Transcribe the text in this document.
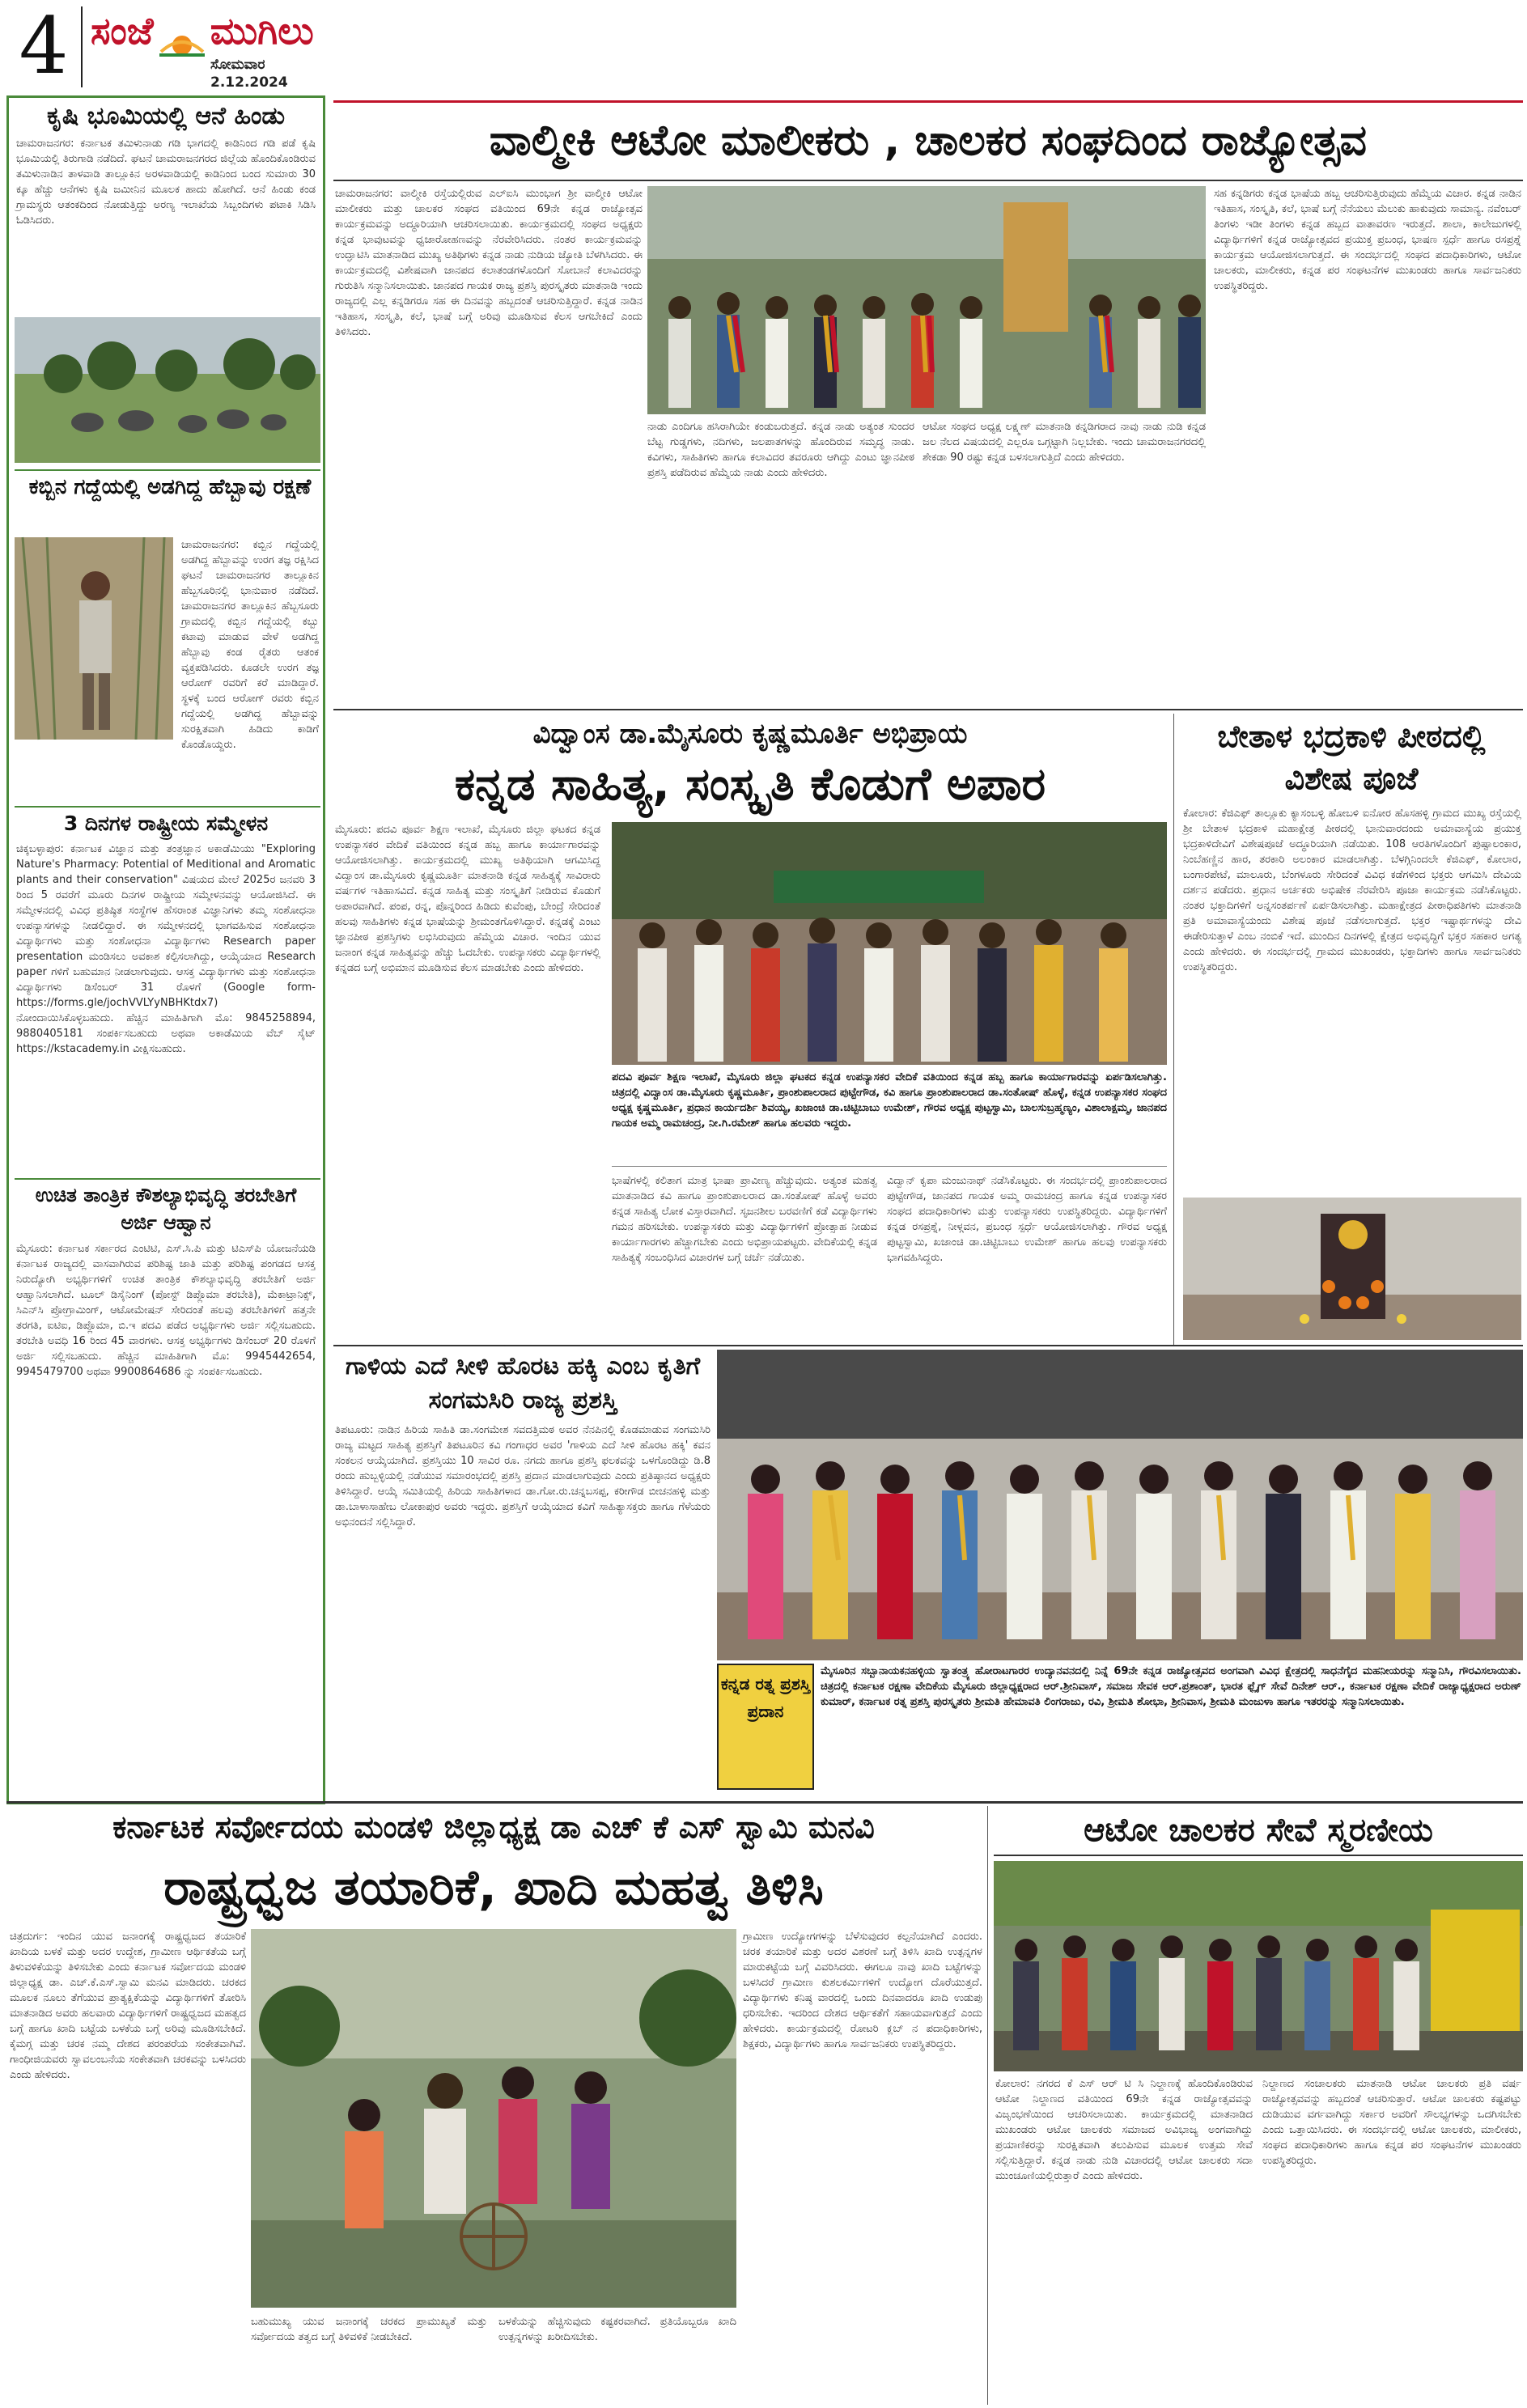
4 ಸಂಜೆ ಮುಗಿಲು
ಸೋಮವಾರ
2.12.2024
ಕೃಷಿ ಭೂಮಿಯಲ್ಲಿ ಆನೆ ಹಿಂಡು
ಚಾಮರಾಜನಗರ: ಕರ್ನಾಟಕ ತಮಿಳುನಾಡು ಗಡಿ ಭಾಗದಲ್ಲಿ ಕಾಡಿನಿಂದ ಗಡಿ ಪಡೆ ಕೃಷಿ ಭೂಮಿಯಲ್ಲಿ ತಿರುಗಾಡಿ ನಡೆದಿದೆ. ಘಟನೆ ಚಾಮರಾಜನಗರದ ಜಿಲ್ಲೆಯ ಹೊಂದಿಕೊಂಡಿರುವ ತಮಿಳುನಾಡಿನ ತಾಳವಾಡಿ ತಾಲ್ಲೂಕಿನ ಅರಳವಾಡಿಯಲ್ಲಿ ಕಾಡಿನಿಂದ ಬಂದ ಸುಮಾರು 30 ಕ್ಕೂ ಹೆಚ್ಚು ಆನೆಗಳು ಕೃಷಿ ಜಮೀನಿನ ಮೂಲಕ ಹಾದು ಹೋಗಿದೆ. ಆನೆ ಹಿಂಡು ಕಂಡ ಗ್ರಾಮಸ್ಥರು ಆತಂಕದಿಂದ ನೋಡುತ್ತಿದ್ದು ಅರಣ್ಯ ಇಲಾಖೆಯ ಸಿಬ್ಬಂದಿಗಳು ಪಟಾಕಿ ಸಿಡಿಸಿ ಓಡಿಸಿದರು.
ಕಬ್ಬಿನ ಗದ್ದೆಯಲ್ಲಿ ಅಡಗಿದ್ದ ಹೆಬ್ಬಾವು ರಕ್ಷಣೆ
ಚಾಮರಾಜನಗರ: ಕಬ್ಬಿನ ಗದ್ದೆಯಲ್ಲಿ ಅಡಗಿದ್ದ ಹೆಬ್ಬಾವನ್ನು ಉರಗ ತಜ್ಞ ರಕ್ಷಿಸಿದ ಘಟನೆ ಚಾಮರಾಜನಗರ ತಾಲ್ಲೂಕಿನ ಹೆಬ್ಬಸೂರಿನಲ್ಲಿ ಭಾನುವಾರ ನಡೆದಿದೆ. ಚಾಮರಾಜನಗರ ತಾಲ್ಲೂಕಿನ ಹೆಬ್ಬಸೂರು ಗ್ರಾಮದಲ್ಲಿ ಕಬ್ಬಿನ ಗದ್ದೆಯಲ್ಲಿ ಕಬ್ಬು ಕಟಾವು ಮಾಡುವ ವೇಳೆ ಅಡಗಿದ್ದ ಹೆಬ್ಬಾವು ಕಂಡ ರೈತರು ಆತಂಕ ವ್ಯಕ್ತಪಡಿಸಿದರು. ಕೂಡಲೇ ಉರಗ ತಜ್ಞ ಆರೋಗ್ ರವರಿಗೆ ಕರೆ ಮಾಡಿದ್ದಾರೆ. ಸ್ಥಳಕ್ಕೆ ಬಂದ ಆರೋಗ್ ರವರು ಕಬ್ಬಿನ ಗದ್ದೆಯಲ್ಲಿ ಅಡಗಿದ್ದ ಹೆಬ್ಬಾವನ್ನು ಸುರಕ್ಷಿತವಾಗಿ ಹಿಡಿದು ಕಾಡಿಗೆ ಕೊಂಡೊಯ್ದರು.
3 ದಿನಗಳ ರಾಷ್ಟ್ರೀಯ ಸಮ್ಮೇಳನ
ಚಿಕ್ಕಬಳ್ಳಾಪುರ: ಕರ್ನಾಟಕ ವಿಜ್ಞಾನ ಮತ್ತು ತಂತ್ರಜ್ಞಾನ ಅಕಾಡೆಮಿಯು "Exploring Nature's Pharmacy: Potential of Meditional and Aromatic plants and their conservation" ವಿಷಯದ ಮೇಲೆ 2025ರ ಜನವರಿ 3 ರಿಂದ 5 ರವರೆಗೆ ಮೂರು ದಿನಗಳ ರಾಷ್ಟ್ರೀಯ ಸಮ್ಮೇಳನವನ್ನು ಆಯೋಜಿಸಿದೆ. ಈ ಸಮ್ಮೇಳನದಲ್ಲಿ ವಿವಿಧ ಪ್ರತಿಷ್ಠಿತ ಸಂಸ್ಥೆಗಳ ಹೆಸರಾಂತ ವಿಜ್ಞಾನಿಗಳು ತಮ್ಮ ಸಂಶೋಧನಾ ಉಪನ್ಯಾಸಗಳನ್ನು ನೀಡಲಿದ್ದಾರೆ. ಈ ಸಮ್ಮೇಳನದಲ್ಲಿ ಭಾಗವಹಿಸುವ ಸಂಶೋಧನಾ ವಿದ್ಯಾರ್ಥಿಗಳು ಮತ್ತು ಸಂಶೋಧನಾ ವಿದ್ಯಾರ್ಥಿಗಳು Research paper presentation ಮಂಡಿಸಲು ಅವಕಾಶ ಕಲ್ಪಿಸಲಾಗಿದ್ದು, ಆಯ್ಕೆಯಾದ Research paper ಗಳಿಗೆ ಬಹುಮಾನ ನೀಡಲಾಗುವುದು. ಆಸಕ್ತ ವಿದ್ಯಾರ್ಥಿಗಳು ಮತ್ತು ಸಂಶೋಧನಾ ವಿದ್ಯಾರ್ಥಿಗಳು ಡಿಸೆಂಬರ್ 31 ರೊಳಗೆ (Google form-https://forms.gle/jochVVLYyNBHKtdx7) ನೋಂದಾಯಿಸಿಕೊಳ್ಳಬಹುದು. ಹೆಚ್ಚಿನ ಮಾಹಿತಿಗಾಗಿ ಮೊ: 9845258894, 9880405181 ಸಂಪರ್ಕಿಸಬಹುದು ಅಥವಾ ಅಕಾಡೆಮಿಯ ವೆಬ್ ಸೈಟ್ https://kstacademy.in ವೀಕ್ಷಿಸಬಹುದು.
ಉಚಿತ ತಾಂತ್ರಿಕ ಕೌಶಲ್ಯಾಭಿವೃದ್ಧಿ ತರಬೇತಿಗೆ ಅರ್ಜಿ ಆಹ್ವಾನ
ಮೈಸೂರು: ಕರ್ನಾಟಕ ಸರ್ಕಾರದ ಎಂಟಿಟಿ, ಎಸ್.ಸಿ.ಪಿ ಮತ್ತು ಟಿಎಸ್‌ಪಿ ಯೋಜನೆಯಡಿ ಕರ್ನಾಟಕ ರಾಜ್ಯದಲ್ಲಿ ವಾಸವಾಗಿರುವ ಪರಿಶಿಷ್ಟ ಜಾತಿ ಮತ್ತು ಪರಿಶಿಷ್ಟ ಪಂಗಡದ ಆಸಕ್ತ ನಿರುದ್ಯೋಗಿ ಅಭ್ಯರ್ಥಿಗಳಿಗೆ ಉಚಿತ ತಾಂತ್ರಿಕ ಕೌಶಲ್ಯಾಭಿವೃದ್ಧಿ ತರಬೇತಿಗೆ ಅರ್ಜಿ ಆಹ್ವಾನಿಸಲಾಗಿದೆ. ಟೂಲ್ ಡಿಸೈನಿಂಗ್ (ಪೋಸ್ಟ್ ಡಿಪ್ಲೊಮಾ ತರಬೇತಿ), ಮೆಕಾಟ್ರಾನಿಕ್ಸ್, ಸಿಎನ್‌ಸಿ ಪ್ರೋಗ್ರಾಮಿಂಗ್, ಆಟೋಮೇಷನ್ ಸೇರಿದಂತೆ ಹಲವು ತರಬೇತಿಗಳಿಗೆ ಹತ್ತನೇ ತರಗತಿ, ಐಟಿಐ, ಡಿಪ್ಲೊಮಾ, ಬಿ.ಇ ಪದವಿ ಪಡೆದ ಅಭ್ಯರ್ಥಿಗಳು ಅರ್ಜಿ ಸಲ್ಲಿಸಬಹುದು. ತರಬೇತಿ ಅವಧಿ 16 ರಿಂದ 45 ವಾರಗಳು. ಆಸಕ್ತ ಅಭ್ಯರ್ಥಿಗಳು ಡಿಸೆಂಬರ್ 20 ರೊಳಗೆ ಅರ್ಜಿ ಸಲ್ಲಿಸಬಹುದು. ಹೆಚ್ಚಿನ ಮಾಹಿತಿಗಾಗಿ ಮೊ: 9945442654, 9945479700 ಅಥವಾ 9900864686 ನ್ನು ಸಂಪರ್ಕಿಸಬಹುದು.
ವಾಲ್ಮೀಕಿ ಆಟೋ ಮಾಲೀಕರು , ಚಾಲಕರ ಸಂಘದಿಂದ ರಾಜ್ಯೋತ್ಸವ
ಚಾಮರಾಜನಗರ: ವಾಲ್ಮೀಕಿ ರಸ್ತೆಯಲ್ಲಿರುವ ಎಲ್‌ಐಸಿ ಮುಂಭಾಗ ಶ್ರೀ ವಾಲ್ಮೀಕಿ ಆಟೋ ಮಾಲೀಕರು ಮತ್ತು ಚಾಲಕರ ಸಂಘದ ವತಿಯಿಂದ 69ನೇ ಕನ್ನಡ ರಾಜ್ಯೋತ್ಸವ ಕಾರ್ಯಕ್ರಮವನ್ನು ಅದ್ಧೂರಿಯಾಗಿ ಆಚರಿಸಲಾಯಿತು. ಕಾರ್ಯಕ್ರಮದಲ್ಲಿ ಸಂಘದ ಅಧ್ಯಕ್ಷರು ಕನ್ನಡ ಭಾವುಟವನ್ನು ಧ್ವಜಾರೋಹಣವನ್ನು ನೆರವೇರಿಸಿದರು. ನಂತರ ಕಾರ್ಯಕ್ರಮವನ್ನು ಉದ್ಘಾಟಿಸಿ ಮಾತನಾಡಿದ ಮುಖ್ಯ ಅತಿಥಿಗಳು ಕನ್ನಡ ನಾಡು ನುಡಿಯ ಜ್ಯೋತಿ ಬೆಳಗಿಸಿದರು. ಈ ಕಾರ್ಯಕ್ರಮದಲ್ಲಿ ವಿಶೇಷವಾಗಿ ಜಾನಪದ ಕಲಾತಂಡಗಳೊಂದಿಗೆ ಸೋಬಾನೆ ಕಲಾವಿದರನ್ನು ಗುರುತಿಸಿ ಸನ್ಮಾನಿಸಲಾಯಿತು. ಜಾನಪದ ಗಾಯಕ ರಾಜ್ಯ ಪ್ರಶಸ್ತಿ ಪುರಸ್ಕೃತರು ಮಾತನಾಡಿ ಇಂದು ರಾಜ್ಯದಲ್ಲಿ ಎಲ್ಲ ಕನ್ನಡಿಗರೂ ಸಹ ಈ ದಿನವನ್ನು ಹಬ್ಬದಂತೆ ಆಚರಿಸುತ್ತಿದ್ದಾರೆ. ಕನ್ನಡ ನಾಡಿನ ಇತಿಹಾಸ, ಸಂಸ್ಕೃತಿ, ಕಲೆ, ಭಾಷೆ ಬಗ್ಗೆ ಅರಿವು ಮೂಡಿಸುವ ಕೆಲಸ ಆಗಬೇಕಿದೆ ಎಂದು ತಿಳಿಸಿದರು.
ನಾಡು ಎಂದಿಗೂ ಹಸಿರಾಗಿಯೇ ಕಂಡುಬರುತ್ತದೆ. ಕನ್ನಡ ನಾಡು ಅತ್ಯಂತ ಸುಂದರ ಬೆಟ್ಟ ಗುಡ್ಡಗಳು, ನದಿಗಳು, ಜಲಪಾತಗಳನ್ನು ಹೊಂದಿರುವ ಸಮೃದ್ಧ ನಾಡು. ಕವಿಗಳು, ಸಾಹಿತಿಗಳು ಹಾಗೂ ಕಲಾವಿದರ ತವರೂರು ಆಗಿದ್ದು ಎಂಟು ಜ್ಞಾನಪೀಠ ಪ್ರಶಸ್ತಿ ಪಡೆದಿರುವ ಹೆಮ್ಮೆಯ ನಾಡು ಎಂದು ಹೇಳಿದರು.
ಆಟೋ ಸಂಘದ ಅಧ್ಯಕ್ಷ ಲಕ್ಷ್ಮಣ್ ಮಾತನಾಡಿ ಕನ್ನಡಿಗರಾದ ನಾವು ನಾಡು ನುಡಿ ಕನ್ನಡ ಜಲ ನೆಲದ ವಿಷಯದಲ್ಲಿ ಎಲ್ಲರೂ ಒಗ್ಗಟ್ಟಾಗಿ ನಿಲ್ಲಬೇಕು. ಇಂದು ಚಾಮರಾಜನಗರದಲ್ಲಿ ಶೇಕಡಾ 90 ರಷ್ಟು ಕನ್ನಡ ಬಳಸಲಾಗುತ್ತಿದೆ ಎಂದು ಹೇಳಿದರು.
ಸಹ ಕನ್ನಡಿಗರು ಕನ್ನಡ ಭಾಷೆಯ ಹಬ್ಬ ಆಚರಿಸುತ್ತಿರುವುದು ಹೆಮ್ಮೆಯ ವಿಚಾರ. ಕನ್ನಡ ನಾಡಿನ ಇತಿಹಾಸ, ಸಂಸ್ಕೃತಿ, ಕಲೆ, ಭಾಷೆ ಬಗ್ಗೆ ನೆನೆಯಲು ಮೆಲುಕು ಹಾಕುವುದು ಸಾಮಾನ್ಯ. ನವೆಂಬರ್ ತಿಂಗಳು ಇಡೀ ತಿಂಗಳು ಕನ್ನಡ ಹಬ್ಬದ ವಾತಾವರಣ ಇರುತ್ತದೆ. ಶಾಲಾ, ಕಾಲೇಜುಗಳಲ್ಲಿ ವಿದ್ಯಾರ್ಥಿಗಳಿಗೆ ಕನ್ನಡ ರಾಜ್ಯೋತ್ಸವದ ಪ್ರಯುಕ್ತ ಪ್ರಬಂಧ, ಭಾಷಣ ಸ್ಪರ್ಧೆ ಹಾಗೂ ರಸಪ್ರಶ್ನೆ ಕಾರ್ಯಕ್ರಮ ಆಯೋಜಿಸಲಾಗುತ್ತದೆ. ಈ ಸಂದರ್ಭದಲ್ಲಿ ಸಂಘದ ಪದಾಧಿಕಾರಿಗಳು, ಆಟೋ ಚಾಲಕರು, ಮಾಲೀಕರು, ಕನ್ನಡ ಪರ ಸಂಘಟನೆಗಳ ಮುಖಂಡರು ಹಾಗೂ ಸಾರ್ವಜನಿಕರು ಉಪಸ್ಥಿತರಿದ್ದರು.
ವಿದ್ವಾಂಸ ಡಾ.ಮೈಸೂರು ಕೃಷ್ಣಮೂರ್ತಿ ಅಭಿಪ್ರಾಯ
ಕನ್ನಡ ಸಾಹಿತ್ಯ, ಸಂಸ್ಕೃತಿ ಕೊಡುಗೆ ಅಪಾರ
ಮೈಸೂರು: ಪದವಿ ಪೂರ್ವ ಶಿಕ್ಷಣ ಇಲಾಖೆ, ಮೈಸೂರು ಜಿಲ್ಲಾ ಘಟಕದ ಕನ್ನಡ ಉಪನ್ಯಾಸಕರ ವೇದಿಕೆ ವತಿಯಿಂದ ಕನ್ನಡ ಹಬ್ಬ ಹಾಗೂ ಕಾರ್ಯಾಗಾರವನ್ನು ಆಯೋಜಿಸಲಾಗಿತ್ತು. ಕಾರ್ಯಕ್ರಮದಲ್ಲಿ ಮುಖ್ಯ ಅತಿಥಿಯಾಗಿ ಆಗಮಿಸಿದ್ದ ವಿದ್ವಾಂಸ ಡಾ.ಮೈಸೂರು ಕೃಷ್ಣಮೂರ್ತಿ ಮಾತನಾಡಿ ಕನ್ನಡ ಸಾಹಿತ್ಯಕ್ಕೆ ಸಾವಿರಾರು ವರ್ಷಗಳ ಇತಿಹಾಸವಿದೆ. ಕನ್ನಡ ಸಾಹಿತ್ಯ ಮತ್ತು ಸಂಸ್ಕೃತಿಗೆ ನೀಡಿರುವ ಕೊಡುಗೆ ಅಪಾರವಾಗಿದೆ. ಪಂಪ, ರನ್ನ, ಪೊನ್ನರಿಂದ ಹಿಡಿದು ಕುವೆಂಪು, ಬೇಂದ್ರೆ ಸೇರಿದಂತೆ ಹಲವು ಸಾಹಿತಿಗಳು ಕನ್ನಡ ಭಾಷೆಯನ್ನು ಶ್ರೀಮಂತಗೊಳಿಸಿದ್ದಾರೆ. ಕನ್ನಡಕ್ಕೆ ಎಂಟು ಜ್ಞಾನಪೀಠ ಪ್ರಶಸ್ತಿಗಳು ಲಭಿಸಿರುವುದು ಹೆಮ್ಮೆಯ ವಿಚಾರ. ಇಂದಿನ ಯುವ ಜನಾಂಗ ಕನ್ನಡ ಸಾಹಿತ್ಯವನ್ನು ಹೆಚ್ಚು ಓದಬೇಕು. ಉಪನ್ಯಾಸಕರು ವಿದ್ಯಾರ್ಥಿಗಳಲ್ಲಿ ಕನ್ನಡದ ಬಗ್ಗೆ ಅಭಿಮಾನ ಮೂಡಿಸುವ ಕೆಲಸ ಮಾಡಬೇಕು ಎಂದು ಹೇಳಿದರು.
ಪದವಿ ಪೂರ್ವ ಶಿಕ್ಷಣ ಇಲಾಖೆ, ಮೈಸೂರು ಜಿಲ್ಲಾ ಘಟಕದ ಕನ್ನಡ ಉಪನ್ಯಾಸಕರ ವೇದಿಕೆ ವತಿಯಿಂದ ಕನ್ನಡ ಹಬ್ಬ ಹಾಗೂ ಕಾರ್ಯಾಗಾರವನ್ನು ಏರ್ಪಡಿಸಲಾಗಿತ್ತು. ಚಿತ್ರದಲ್ಲಿ ವಿದ್ವಾಂಸ ಡಾ.ಮೈಸೂರು ಕೃಷ್ಣಮೂರ್ತಿ, ಪ್ರಾಂಶುಪಾಲರಾದ ಪುಟ್ಟೇಗೌಡ, ಕವಿ ಹಾಗೂ ಪ್ರಾಂಶುಪಾಲರಾದ ಡಾ.ಸಂತೋಷ್ ಹೊಳ್ಳೆ, ಕನ್ನಡ ಉಪನ್ಯಾಸಕರ ಸಂಘದ ಅಧ್ಯಕ್ಷ ಕೃಷ್ಣಮೂರ್ತಿ, ಪ್ರಧಾನ ಕಾರ್ಯದರ್ಶಿ ಶಿವಯ್ಯ, ಖಜಾಂಚಿ ಡಾ.ಚಿಟ್ಟಿಬಾಬು ಉಮೇಶ್, ಗೌರವ ಅಧ್ಯಕ್ಷ ಪುಟ್ಟಸ್ವಾಮಿ, ಬಾಲಸುಬ್ರಹ್ಮಣ್ಯಂ, ವಿಶಾಲಾಕ್ಷಮ್ಮ, ಜಾನಪದ ಗಾಯಕ ಅಮ್ಮ ರಾಮಚಂದ್ರ, ನೀ.ಗಿ.ರಮೇಶ್ ಹಾಗೂ ಹಲವರು ಇದ್ದರು.
ಭಾಷೆಗಳಲ್ಲಿ ಕಲಿತಾಗ ಮಾತ್ರ ಭಾಷಾ ಪ್ರಾವೀಣ್ಯ ಹೆಚ್ಚುವುದು. ಅತ್ಯಂತ ಮಹತ್ವ ಮಾತನಾಡಿದ ಕವಿ ಹಾಗೂ ಪ್ರಾಂಶುಪಾಲರಾದ ಡಾ.ಸಂತೋಷ್ ಹೊಳ್ಳೆ ಅವರು ಕನ್ನಡ ಸಾಹಿತ್ಯ ಲೋಕ ವಿಸ್ತಾರವಾಗಿದೆ. ಸೃಜನಶೀಲ ಬರವಣಿಗೆ ಕಡೆ ವಿದ್ಯಾರ್ಥಿಗಳು ಗಮನ ಹರಿಸಬೇಕು. ಉಪನ್ಯಾಸಕರು ಮತ್ತು ವಿದ್ಯಾರ್ಥಿಗಳಿಗೆ ಪ್ರೋತ್ಸಾಹ ನೀಡುವ ಕಾರ್ಯಾಗಾರಗಳು ಹೆಚ್ಚಾಗಬೇಕು ಎಂದು ಅಭಿಪ್ರಾಯಪಟ್ಟರು. ವೇದಿಕೆಯಲ್ಲಿ ಕನ್ನಡ ಸಾಹಿತ್ಯಕ್ಕೆ ಸಂಬಂಧಿಸಿದ ವಿಚಾರಗಳ ಬಗ್ಗೆ ಚರ್ಚೆ ನಡೆಯಿತು.
ವಿದ್ವಾನ್ ಕೃಪಾ ಮಂಜುನಾಥ್ ನಡೆಸಿಕೊಟ್ಟರು. ಈ ಸಂದರ್ಭದಲ್ಲಿ ಪ್ರಾಂಶುಪಾಲರಾದ ಪುಟ್ಟೇಗೌಡ, ಜಾನಪದ ಗಾಯಕ ಅಮ್ಮ ರಾಮಚಂದ್ರ ಹಾಗೂ ಕನ್ನಡ ಉಪನ್ಯಾಸಕರ ಸಂಘದ ಪದಾಧಿಕಾರಿಗಳು ಮತ್ತು ಉಪನ್ಯಾಸಕರು ಉಪಸ್ಥಿತರಿದ್ದರು. ವಿದ್ಯಾರ್ಥಿಗಳಿಗೆ ಕನ್ನಡ ರಸಪ್ರಶ್ನೆ, ನೀಳ್ಗವನ, ಪ್ರಬಂಧ ಸ್ಪರ್ಧೆ ಆಯೋಜಿಸಲಾಗಿತ್ತು. ಗೌರವ ಅಧ್ಯಕ್ಷ ಪುಟ್ಟಸ್ವಾಮಿ, ಖಜಾಂಚಿ ಡಾ.ಚಿಟ್ಟಿಬಾಬು ಉಮೇಶ್ ಹಾಗೂ ಹಲವು ಉಪನ್ಯಾಸಕರು ಭಾಗವಹಿಸಿದ್ದರು.
ಬೇತಾಳ ಭದ್ರಕಾಳಿ ಪೀಠದಲ್ಲಿ ವಿಶೇಷ ಪೂಜೆ
ಕೋಲಾರ: ಕೆಜಿಎಫ್ ತಾಲ್ಲೂಕು ಕ್ಯಾಸಂಬಳ್ಳಿ ಹೋಬಳಿ ಐನೋರ ಹೊಸಹಳ್ಳಿ ಗ್ರಾಮದ ಮುಖ್ಯ ರಸ್ತೆಯಲ್ಲಿ ಶ್ರೀ ಬೇತಾಳ ಭದ್ರಕಾಳಿ ಮಹಾಕ್ಷೇತ್ರ ಪೀಠದಲ್ಲಿ ಭಾನುವಾರದಂದು ಅಮಾವಾಸ್ಯೆಯ ಪ್ರಯುಕ್ತ ಭದ್ರಕಾಳಿದೇವಿಗೆ ವಿಶೇಷಪೂಜೆ ಅದ್ಧೂರಿಯಾಗಿ ನಡೆಯಿತು. 108 ಆರತಿಗಳೊಂದಿಗೆ ಪುಷ್ಪಾಲಂಕಾರ, ನಿಂಬೆಹಣ್ಣಿನ ಹಾರ, ತರಕಾರಿ ಅಲಂಕಾರ ಮಾಡಲಾಗಿತ್ತು. ಬೆಳಗ್ಗಿನಿಂದಲೇ ಕೆಜಿಎಫ್, ಕೋಲಾರ, ಬಂಗಾರಪೇಟೆ, ಮಾಲೂರು, ಬೆಂಗಳೂರು ಸೇರಿದಂತೆ ವಿವಿಧ ಕಡೆಗಳಿಂದ ಭಕ್ತರು ಆಗಮಿಸಿ ದೇವಿಯ ದರ್ಶನ ಪಡೆದರು. ಪ್ರಧಾನ ಅರ್ಚಕರು ಅಭಿಷೇಕ ನೆರವೇರಿಸಿ ಪೂಜಾ ಕಾರ್ಯಕ್ರಮ ನಡೆಸಿಕೊಟ್ಟರು. ನಂತರ ಭಕ್ತಾದಿಗಳಿಗೆ ಅನ್ನಸಂತರ್ಪಣೆ ಏರ್ಪಡಿಸಲಾಗಿತ್ತು. ಮಹಾಕ್ಷೇತ್ರದ ಪೀಠಾಧಿಪತಿಗಳು ಮಾತನಾಡಿ ಪ್ರತಿ ಅಮಾವಾಸ್ಯೆಯಂದು ವಿಶೇಷ ಪೂಜೆ ನಡೆಸಲಾಗುತ್ತದೆ. ಭಕ್ತರ ಇಷ್ಟಾರ್ಥಗಳನ್ನು ದೇವಿ ಈಡೇರಿಸುತ್ತಾಳೆ ಎಂಬ ನಂಬಿಕೆ ಇದೆ. ಮುಂದಿನ ದಿನಗಳಲ್ಲಿ ಕ್ಷೇತ್ರದ ಅಭಿವೃದ್ಧಿಗೆ ಭಕ್ತರ ಸಹಕಾರ ಅಗತ್ಯ ಎಂದು ಹೇಳಿದರು. ಈ ಸಂದರ್ಭದಲ್ಲಿ ಗ್ರಾಮದ ಮುಖಂಡರು, ಭಕ್ತಾದಿಗಳು ಹಾಗೂ ಸಾರ್ವಜನಿಕರು ಉಪಸ್ಥಿತರಿದ್ದರು.
ಗಾಳಿಯ ಎದೆ ಸೀಳಿ ಹೊರಟ ಹಕ್ಕಿ ಎಂಬ ಕೃತಿಗೆ ಸಂಗಮಸಿರಿ ರಾಜ್ಯ ಪ್ರಶಸ್ತಿ
ತಿಪಟೂರು: ನಾಡಿನ ಹಿರಿಯ ಸಾಹಿತಿ ಡಾ.ಸಂಗಮೇಶ ಸವದತ್ತಿಮಠ ಅವರ ನೆನಪಿನಲ್ಲಿ ಕೊಡಮಾಡುವ ಸಂಗಮಸಿರಿ ರಾಜ್ಯ ಮಟ್ಟದ ಸಾಹಿತ್ಯ ಪ್ರಶಸ್ತಿಗೆ ತಿಪಟೂರಿನ ಕವಿ ಗಂಗಾಧರ ಅವರ 'ಗಾಳಿಯ ಎದೆ ಸೀಳಿ ಹೊರಟ ಹಕ್ಕಿ' ಕವನ ಸಂಕಲನ ಆಯ್ಕೆಯಾಗಿದೆ. ಪ್ರಶಸ್ತಿಯು 10 ಸಾವಿರ ರೂ. ನಗದು ಹಾಗೂ ಪ್ರಶಸ್ತಿ ಫಲಕವನ್ನು ಒಳಗೊಂಡಿದ್ದು ಡಿ.8 ರಂದು ಹುಬ್ಬಳ್ಳಿಯಲ್ಲಿ ನಡೆಯುವ ಸಮಾರಂಭದಲ್ಲಿ ಪ್ರಶಸ್ತಿ ಪ್ರದಾನ ಮಾಡಲಾಗುವುದು ಎಂದು ಪ್ರತಿಷ್ಠಾನದ ಅಧ್ಯಕ್ಷರು ತಿಳಿಸಿದ್ದಾರೆ. ಆಯ್ಕೆ ಸಮಿತಿಯಲ್ಲಿ ಹಿರಿಯ ಸಾಹಿತಿಗಳಾದ ಡಾ.ಗೋ.ರು.ಚನ್ನಬಸಪ್ಪ, ಕರೀಗೌಡ ಬೀಚನಹಳ್ಳಿ ಮತ್ತು ಡಾ.ಬಾಳಾಸಾಹೇಬ ಲೋಕಾಪುರ ಅವರು ಇದ್ದರು. ಪ್ರಶಸ್ತಿಗೆ ಆಯ್ಕೆಯಾದ ಕವಿಗೆ ಸಾಹಿತ್ಯಾಸಕ್ತರು ಹಾಗೂ ಗೆಳೆಯರು ಅಭಿನಂದನೆ ಸಲ್ಲಿಸಿದ್ದಾರೆ.
ಕನ್ನಡ ರತ್ನ ಪ್ರಶಸ್ತಿ ಪ್ರದಾನ
ಮೈಸೂರಿನ ಸಬ್ಬಾನಾಯಕನಹಳ್ಳಿಯ ಸ್ವಾತಂತ್ರ್ಯ ಹೋರಾಟಗಾರರ ಉದ್ಯಾನವನದಲ್ಲಿ ನಿನ್ನೆ 69ನೇ ಕನ್ನಡ ರಾಜ್ಯೋತ್ಸವದ ಅಂಗವಾಗಿ ವಿವಿಧ ಕ್ಷೇತ್ರದಲ್ಲಿ ಸಾಧನೆಗೈದ ಮಹನೀಯರನ್ನು ಸನ್ಮಾನಿಸಿ, ಗೌರವಿಸಲಾಯಿತು. ಚಿತ್ರದಲ್ಲಿ ಕರ್ನಾಟಕ ರಕ್ಷಣಾ ವೇದಿಕೆಯ ಮೈಸೂರು ಜಿಲ್ಲಾಧ್ಯಕ್ಷರಾದ ಆರ್.ಶ್ರೀನಿವಾಸ್, ಸಮಾಜ ಸೇವಕ ಆರ್.ಪ್ರಶಾಂತ್, ಭಾರತ ಫ್ಲೈಗ್ ಸೇವೆ ದಿನೇಶ್ ಆರ್., ಕರ್ನಾಟಕ ರಕ್ಷಣಾ ವೇದಿಕೆ ರಾಜ್ಯಾಧ್ಯಕ್ಷರಾದ ಅರುಣ್ ಕುಮಾರ್, ಕರ್ನಾಟಕ ರತ್ನ ಪ್ರಶಸ್ತಿ ಪುರಸ್ಕೃತರು ಶ್ರೀಮತಿ ಹೇಮಾವತಿ ಲಿಂಗರಾಜು, ರವಿ, ಶ್ರೀಮತಿ ಶೋಭಾ, ಶ್ರೀನಿವಾಸ, ಶ್ರೀಮತಿ ಮಂಜುಳಾ ಹಾಗೂ ಇತರರನ್ನು ಸನ್ಮಾನಿಸಲಾಯಿತು.
ಕರ್ನಾಟಕ ಸರ್ವೋದಯ ಮಂಡಳಿ ಜಿಲ್ಲಾಧ್ಯಕ್ಷ ಡಾ ಎಚ್ ಕೆ ಎಸ್ ಸ್ವಾಮಿ ಮನವಿ
ರಾಷ್ಟ್ರಧ್ವಜ ತಯಾರಿಕೆ, ಖಾದಿ ಮಹತ್ವ ತಿಳಿಸಿ
ಚಿತ್ರದುರ್ಗ: ಇಂದಿನ ಯುವ ಜನಾಂಗಕ್ಕೆ ರಾಷ್ಟ್ರಧ್ವಜದ ತಯಾರಿಕೆ ಖಾದಿಯ ಬಳಕೆ ಮತ್ತು ಅದರ ಉದ್ದೇಶ, ಗ್ರಾಮೀಣ ಆರ್ಥಿಕತೆಯ ಬಗ್ಗೆ ತಿಳುವಳಿಕೆಯನ್ನು ತಿಳಿಸಬೇಕು ಎಂದು ಕರ್ನಾಟಕ ಸರ್ವೋದಯ ಮಂಡಳಿ ಜಿಲ್ಲಾಧ್ಯಕ್ಷ ಡಾ. ಎಚ್.ಕೆ.ಎಸ್.ಸ್ವಾಮಿ ಮನವಿ ಮಾಡಿದರು. ಚರಕದ ಮೂಲಕ ನೂಲು ತೆಗೆಯುವ ಪ್ರಾತ್ಯಕ್ಷಿಕೆಯನ್ನು ವಿದ್ಯಾರ್ಥಿಗಳಿಗೆ ತೋರಿಸಿ ಮಾತನಾಡಿದ ಅವರು ಹಲವಾರು ವಿದ್ಯಾರ್ಥಿಗಳಿಗೆ ರಾಷ್ಟ್ರಧ್ವಜದ ಮಹತ್ವದ ಬಗ್ಗೆ ಹಾಗೂ ಖಾದಿ ಬಟ್ಟೆಯ ಬಳಕೆಯ ಬಗ್ಗೆ ಅರಿವು ಮೂಡಿಸಬೇಕಿದೆ. ಕೈಮಗ್ಗ ಮತ್ತು ಚರಕ ನಮ್ಮ ದೇಶದ ಪರಂಪರೆಯ ಸಂಕೇತವಾಗಿವೆ. ಗಾಂಧೀಜಿಯವರು ಸ್ವಾವಲಂಬನೆಯ ಸಂಕೇತವಾಗಿ ಚರಕವನ್ನು ಬಳಸಿದರು ಎಂದು ಹೇಳಿದರು.
ಬಹುಮುಖ್ಯ ಯುವ ಜನಾಂಗಕ್ಕೆ ಚರಕದ ಪ್ರಾಮುಖ್ಯತೆ ಮತ್ತು ಸರ್ವೋದಯ ತತ್ವದ ಬಗ್ಗೆ ತಿಳಿವಳಿಕೆ ನೀಡಬೇಕಿದೆ.
ಬಳಕೆಯನ್ನು ಹೆಚ್ಚಿಸುವುದು ಕಷ್ಟಕರವಾಗಿದೆ. ಪ್ರತಿಯೊಬ್ಬರೂ ಖಾದಿ ಉತ್ಪನ್ನಗಳನ್ನು ಖರೀದಿಸಬೇಕು.
ಗ್ರಾಮೀಣ ಉದ್ಯೋಗಗಳನ್ನು ಬೆಳೆಸುವುದರ ಕಲ್ಪನೆಯಾಗಿದೆ ಎಂದರು. ಚರಕ ತಯಾರಿಕೆ ಮತ್ತು ಅದರ ವಿಶರಣೆ ಬಗ್ಗೆ ತಿಳಿಸಿ ಖಾದಿ ಉತ್ಪನ್ನಗಳ ಮಾರುಕಟ್ಟೆಯ ಬಗ್ಗೆ ವಿವರಿಸಿದರು. ಈಗಲೂ ನಾವು ಖಾದಿ ಬಟ್ಟೆಗಳನ್ನು ಬಳಸಿದರೆ ಗ್ರಾಮೀಣ ಕುಶಲಕರ್ಮಿಗಳಿಗೆ ಉದ್ಯೋಗ ದೊರೆಯುತ್ತದೆ. ವಿದ್ಯಾರ್ಥಿಗಳು ಕನಿಷ್ಠ ವಾರದಲ್ಲಿ ಒಂದು ದಿನವಾದರೂ ಖಾದಿ ಉಡುಪು ಧರಿಸಬೇಕು. ಇದರಿಂದ ದೇಶದ ಆರ್ಥಿಕತೆಗೆ ಸಹಾಯವಾಗುತ್ತದೆ ಎಂದು ಹೇಳಿದರು. ಕಾರ್ಯಕ್ರಮದಲ್ಲಿ ರೋಟರಿ ಕ್ಲಬ್ ನ ಪದಾಧಿಕಾರಿಗಳು, ಶಿಕ್ಷಕರು, ವಿದ್ಯಾರ್ಥಿಗಳು ಹಾಗೂ ಸಾರ್ವಜನಿಕರು ಉಪಸ್ಥಿತರಿದ್ದರು.
ಆಟೋ ಚಾಲಕರ ಸೇವೆ ಸ್ಮರಣೀಯ
ಕೋಲಾರ: ನಗರದ ಕೆ ಎಸ್ ಆರ್ ಟಿ ಸಿ ನಿಲ್ದಾಣಕ್ಕೆ ಹೊಂದಿಕೊಂಡಿರುವ ಆಟೋ ನಿಲ್ದಾಣದ ವತಿಯಿಂದ 69ನೇ ಕನ್ನಡ ರಾಜ್ಯೋತ್ಸವವನ್ನು ವಿಜೃಂಭಣೆಯಿಂದ ಆಚರಿಸಲಾಯಿತು. ಕಾರ್ಯಕ್ರಮದಲ್ಲಿ ಮಾತನಾಡಿದ ಮುಖಂಡರು ಆಟೋ ಚಾಲಕರು ಸಮಾಜದ ಅವಿಭಾಜ್ಯ ಅಂಗವಾಗಿದ್ದು ಪ್ರಯಾಣಿಕರನ್ನು ಸುರಕ್ಷಿತವಾಗಿ ತಲುಪಿಸುವ ಮೂಲಕ ಉತ್ತಮ ಸೇವೆ ಸಲ್ಲಿಸುತ್ತಿದ್ದಾರೆ. ಕನ್ನಡ ನಾಡು ನುಡಿ ವಿಚಾರದಲ್ಲಿ ಆಟೋ ಚಾಲಕರು ಸದಾ ಮುಂಚೂಣಿಯಲ್ಲಿರುತ್ತಾರೆ ಎಂದು ಹೇಳಿದರು.
ನಿಲ್ದಾಣದ ಸಂಚಾಲಕರು ಮಾತನಾಡಿ ಆಟೋ ಚಾಲಕರು ಪ್ರತಿ ವರ್ಷ ರಾಜ್ಯೋತ್ಸವವನ್ನು ಹಬ್ಬದಂತೆ ಆಚರಿಸುತ್ತಾರೆ. ಆಟೋ ಚಾಲಕರು ಕಷ್ಟಪಟ್ಟು ದುಡಿಯುವ ವರ್ಗವಾಗಿದ್ದು ಸರ್ಕಾರ ಅವರಿಗೆ ಸೌಲಭ್ಯಗಳನ್ನು ಒದಗಿಸಬೇಕು ಎಂದು ಒತ್ತಾಯಿಸಿದರು. ಈ ಸಂದರ್ಭದಲ್ಲಿ ಆಟೋ ಚಾಲಕರು, ಮಾಲೀಕರು, ಸಂಘದ ಪದಾಧಿಕಾರಿಗಳು ಹಾಗೂ ಕನ್ನಡ ಪರ ಸಂಘಟನೆಗಳ ಮುಖಂಡರು ಉಪಸ್ಥಿತರಿದ್ದರು.
